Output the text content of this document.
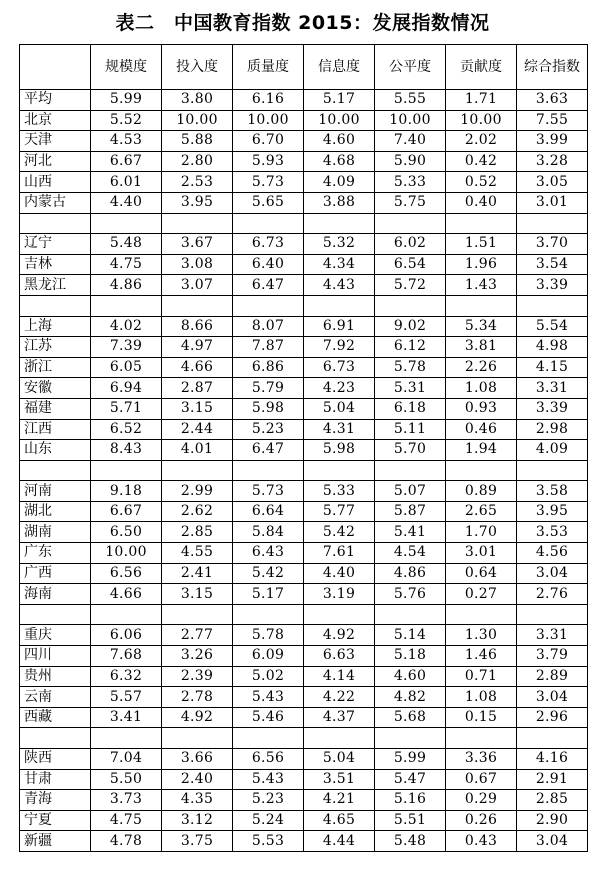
表二　中国教育指数 2015：发展指数情况
	规模度	投入度	质量度	信息度	公平度	贡献度	综合指数
平均	5.99	3.80	6.16	5.17	5.55	1.71	3.63
北京	5.52	10.00	10.00	10.00	10.00	10.00	7.55
天津	4.53	5.88	6.70	4.60	7.40	2.02	3.99
河北	6.67	2.80	5.93	4.68	5.90	0.42	3.28
山西	6.01	2.53	5.73	4.09	5.33	0.52	3.05
内蒙古	4.40	3.95	5.65	3.88	5.75	0.40	3.01

辽宁	5.48	3.67	6.73	5.32	6.02	1.51	3.70
吉林	4.75	3.08	6.40	4.34	6.54	1.96	3.54
黑龙江	4.86	3.07	6.47	4.43	5.72	1.43	3.39

上海	4.02	8.66	8.07	6.91	9.02	5.34	5.54
江苏	7.39	4.97	7.87	7.92	6.12	3.81	4.98
浙江	6.05	4.66	6.86	6.73	5.78	2.26	4.15
安徽	6.94	2.87	5.79	4.23	5.31	1.08	3.31
福建	5.71	3.15	5.98	5.04	6.18	0.93	3.39
江西	6.52	2.44	5.23	4.31	5.11	0.46	2.98
山东	8.43	4.01	6.47	5.98	5.70	1.94	4.09

河南	9.18	2.99	5.73	5.33	5.07	0.89	3.58
湖北	6.67	2.62	6.64	5.77	5.87	2.65	3.95
湖南	6.50	2.85	5.84	5.42	5.41	1.70	3.53
广东	10.00	4.55	6.43	7.61	4.54	3.01	4.56
广西	6.56	2.41	5.42	4.40	4.86	0.64	3.04
海南	4.66	3.15	5.17	3.19	5.76	0.27	2.76

重庆	6.06	2.77	5.78	4.92	5.14	1.30	3.31
四川	7.68	3.26	6.09	6.63	5.18	1.46	3.79
贵州	6.32	2.39	5.02	4.14	4.60	0.71	2.89
云南	5.57	2.78	5.43	4.22	4.82	1.08	3.04
西藏	3.41	4.92	5.46	4.37	5.68	0.15	2.96

陕西	7.04	3.66	6.56	5.04	5.99	3.36	4.16
甘肃	5.50	2.40	5.43	3.51	5.47	0.67	2.91
青海	3.73	4.35	5.23	4.21	5.16	0.29	2.85
宁夏	4.75	3.12	5.24	4.65	5.51	0.26	2.90
新疆	4.78	3.75	5.53	4.44	5.48	0.43	3.04
